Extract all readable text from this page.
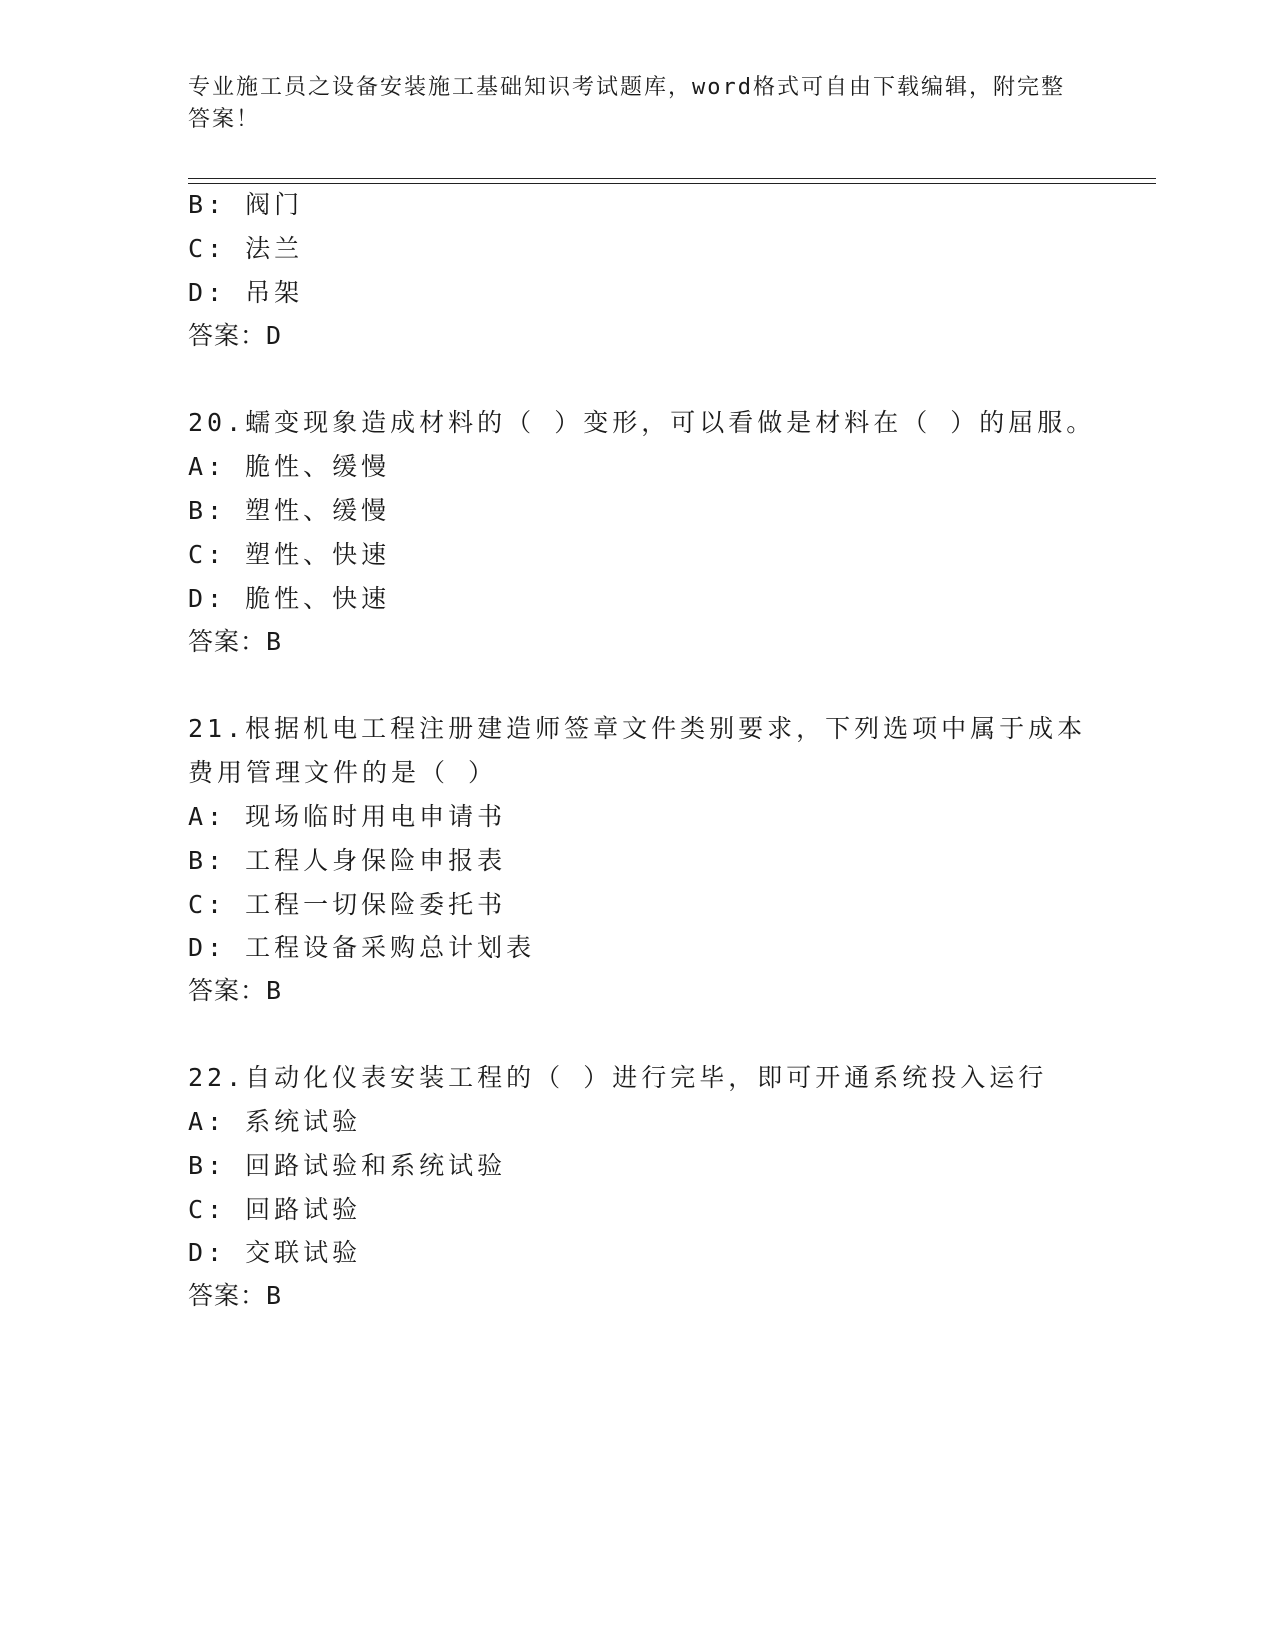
专业施工员之设备安装施工基础知识考试题库，word格式可自由下载编辑，附完整答案！
B: 阀门
C: 法兰
D: 吊架
答案：D
20.蠕变现象造成材料的（ ）变形，可以看做是材料在（ ）的屈服。
A: 脆性、缓慢
B: 塑性、缓慢
C: 塑性、快速
D: 脆性、快速
答案：B
21.根据机电工程注册建造师签章文件类别要求，下列选项中属于成本
费用管理文件的是（ ）
A: 现场临时用电申请书
B: 工程人身保险申报表
C: 工程一切保险委托书
D: 工程设备采购总计划表
答案：B
22.自动化仪表安装工程的（ ）进行完毕，即可开通系统投入运行
A: 系统试验
B: 回路试验和系统试验
C: 回路试验
D: 交联试验
答案：B
